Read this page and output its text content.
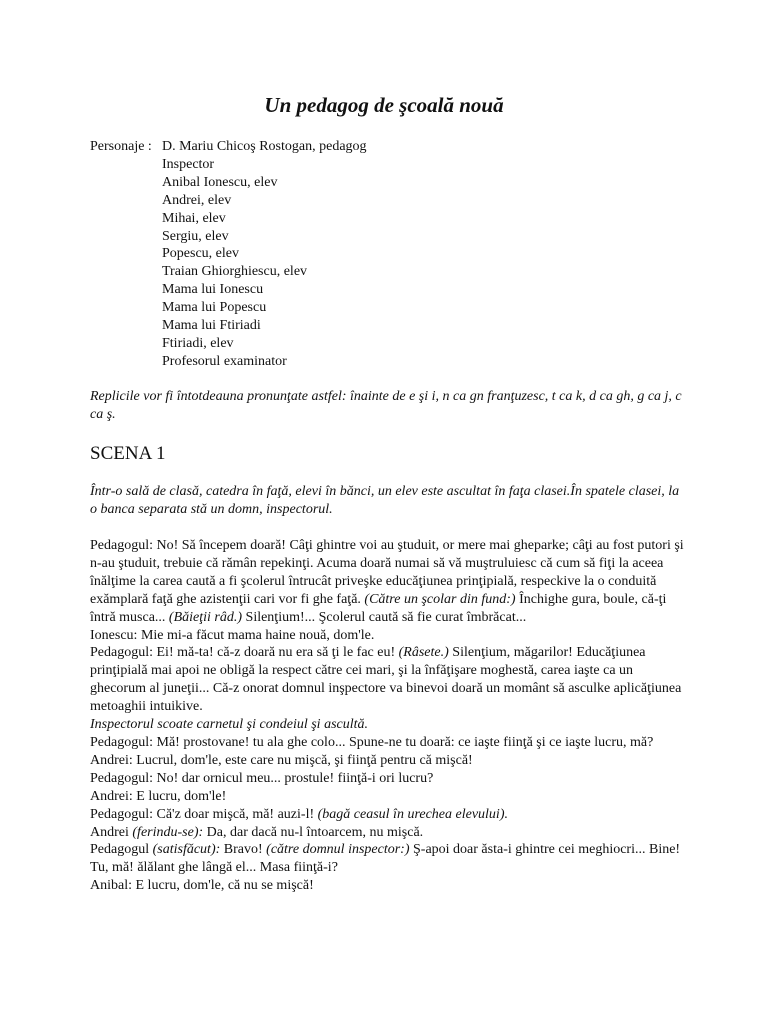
Un pedagog de şcoală nouă
Personaje : D. Mariu Chicoş Rostogan, pedagog
Inspector
Anibal Ionescu, elev
Andrei, elev
Mihai, elev
Sergiu, elev
Popescu, elev
Traian Ghiorghiescu, elev
Mama lui Ionescu
Mama lui Popescu
Mama lui Ftiriadi
Ftiriadi, elev
Profesorul examinator

Replicile vor fi întotdeauna pronunţate astfel: înainte de e şi i, n ca gn franţuzesc, t ca k, d ca gh, g ca j, c ca ş.

SCENA 1

Într-o sală de clasă, catedra în faţă, elevi în bănci, un elev este ascultat în faţa clasei.În spatele clasei, la o banca separata stă un domn, inspectorul.

Pedagogul: No! Să începem doară! Câţi ghintre voi au ştuduit, or mere mai gheparke; câţi au fost putori şi n-au ştuduit, trebuie că rămân repekinţi. Acuma doară numai să vă muştruluiesc că cum să fiţi la aceea înălţime la carea caută a fi şcolerul întrucât priveşke educăţiunea prinţipială, respeckive la o conduită exămplară faţă ghe azistenţii cari vor fi ghe faţă. (Către un şcolar din fund:) Închighe gura, boule, că-ţi întră musca... (Băieţii râd.) Silenţium!... Şcolerul caută să fie curat îmbrăcat...

Ionescu: Mie mi-a făcut mama haine nouă, dom'le.

Pedagogul: Ei! mă-ta! că-z doară nu era să ţi le fac eu! (Râsete.) Silenţium, măgarilor! Educăţiunea prinţipială mai apoi ne obligă la respect către cei mari, şi la înfăţişare moghestă, carea iaşte ca un ghecorum al juneţii... Că-z onorat domnul inşpectore va binevoi doară un momânt să asculke aplicăţiunea metoaghii intuikive.

Inspectorul scoate carnetul şi condeiul şi ascultă.

Pedagogul: Mă! prostovane! tu ala ghe colo... Spune-ne tu doară: ce iaşte fiinţă şi ce iaşte lucru, mă?

Andrei: Lucrul, dom'le, este care nu mişcă, şi fiinţă pentru că mişcă!

Pedagogul: No! dar ornicul meu... prostule! fiinţă-i ori lucru?

Andrei: E lucru, dom'le!

Pedagogul: Că'z doar mişcă, mă! auzi-l! (bagă ceasul în urechea elevului).

Andrei (ferindu-se): Da, dar dacă nu-l întoarcem, nu mişcă.

Pedagogul (satisfăcut): Bravo! (către domnul inspector:) Ş-apoi doar ăsta-i ghintre cei meghiocri... Bine! Tu, mă! ălălant ghe lângă el... Masa fiinţă-i?

Anibal: E lucru, dom'le, că nu se mişcă!
